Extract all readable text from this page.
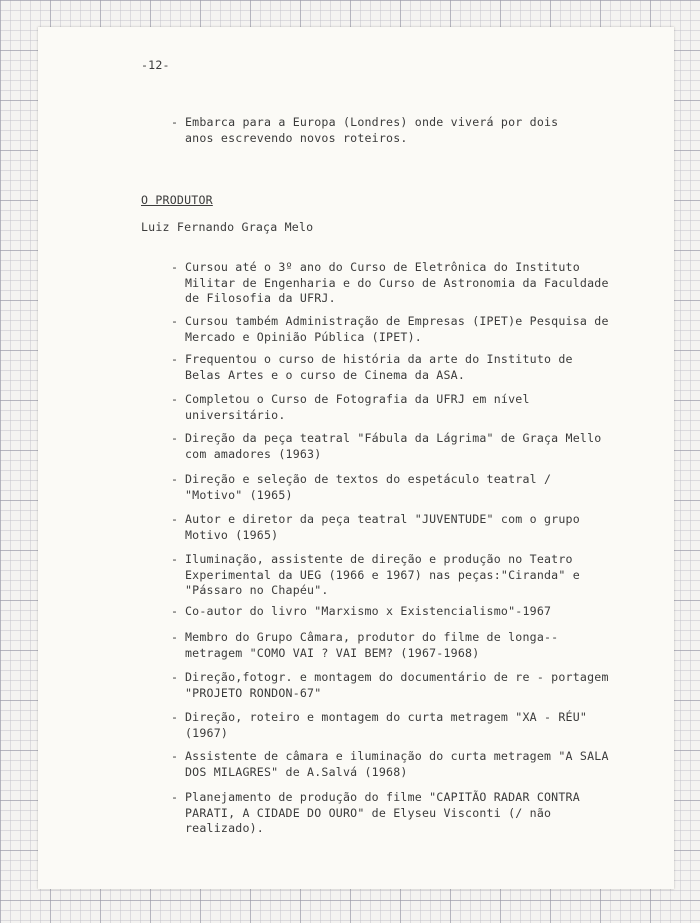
-12-
- Embarca para a Europa (Londres) onde viverá por dois
anos escrevendo novos roteiros.
O PRODUTOR
Luiz Fernando Graça Melo
- Cursou até o 3º ano do Curso de Eletrônica do Instituto Militar de Engenharia e do Curso de Astronomia da Faculdade de Filosofia da UFRJ.
- Cursou também Administração de Empresas (IPET)e Pesquisa de Mercado e Opinião Pública (IPET).
- Frequentou o curso de história da arte do Instituto de Belas Artes e o curso de Cinema da ASA.
- Completou o Curso de Fotografia da UFRJ em nível universitário.
- Direção da peça teatral "Fábula da Lágrima" de Graça Mello com amadores (1963)
- Direção e seleção de textos do espetáculo teatral / "Motivo" (1965)
- Autor e diretor da peça teatral "JUVENTUDE" com o grupo Motivo (1965)
- Iluminação, assistente de direção e produção no Teatro Experimental da UEG (1966 e 1967) nas peças:"Ciranda" e "Pássaro no Chapéu".
- Co-autor do livro "Marxismo x Existencialismo"-1967
- Membro do Grupo Câmara, produtor do filme de longa--metragem "COMO VAI ? VAI BEM? (1967-1968)
- Direção,fotogr. e montagem do documentário de re - portagem "PROJETO RONDON-67"
- Direção, roteiro e montagem do curta metragem "XA - RÉU" (1967)
- Assistente de câmara e iluminação do curta metragem "A SALA DOS MILAGRES" de A.Salvá (1968)
- Planejamento de produção do filme "CAPITÃO RADAR CONTRA PARATI, A CIDADE DO OURO" de Elyseu Visconti (/ não realizado).
